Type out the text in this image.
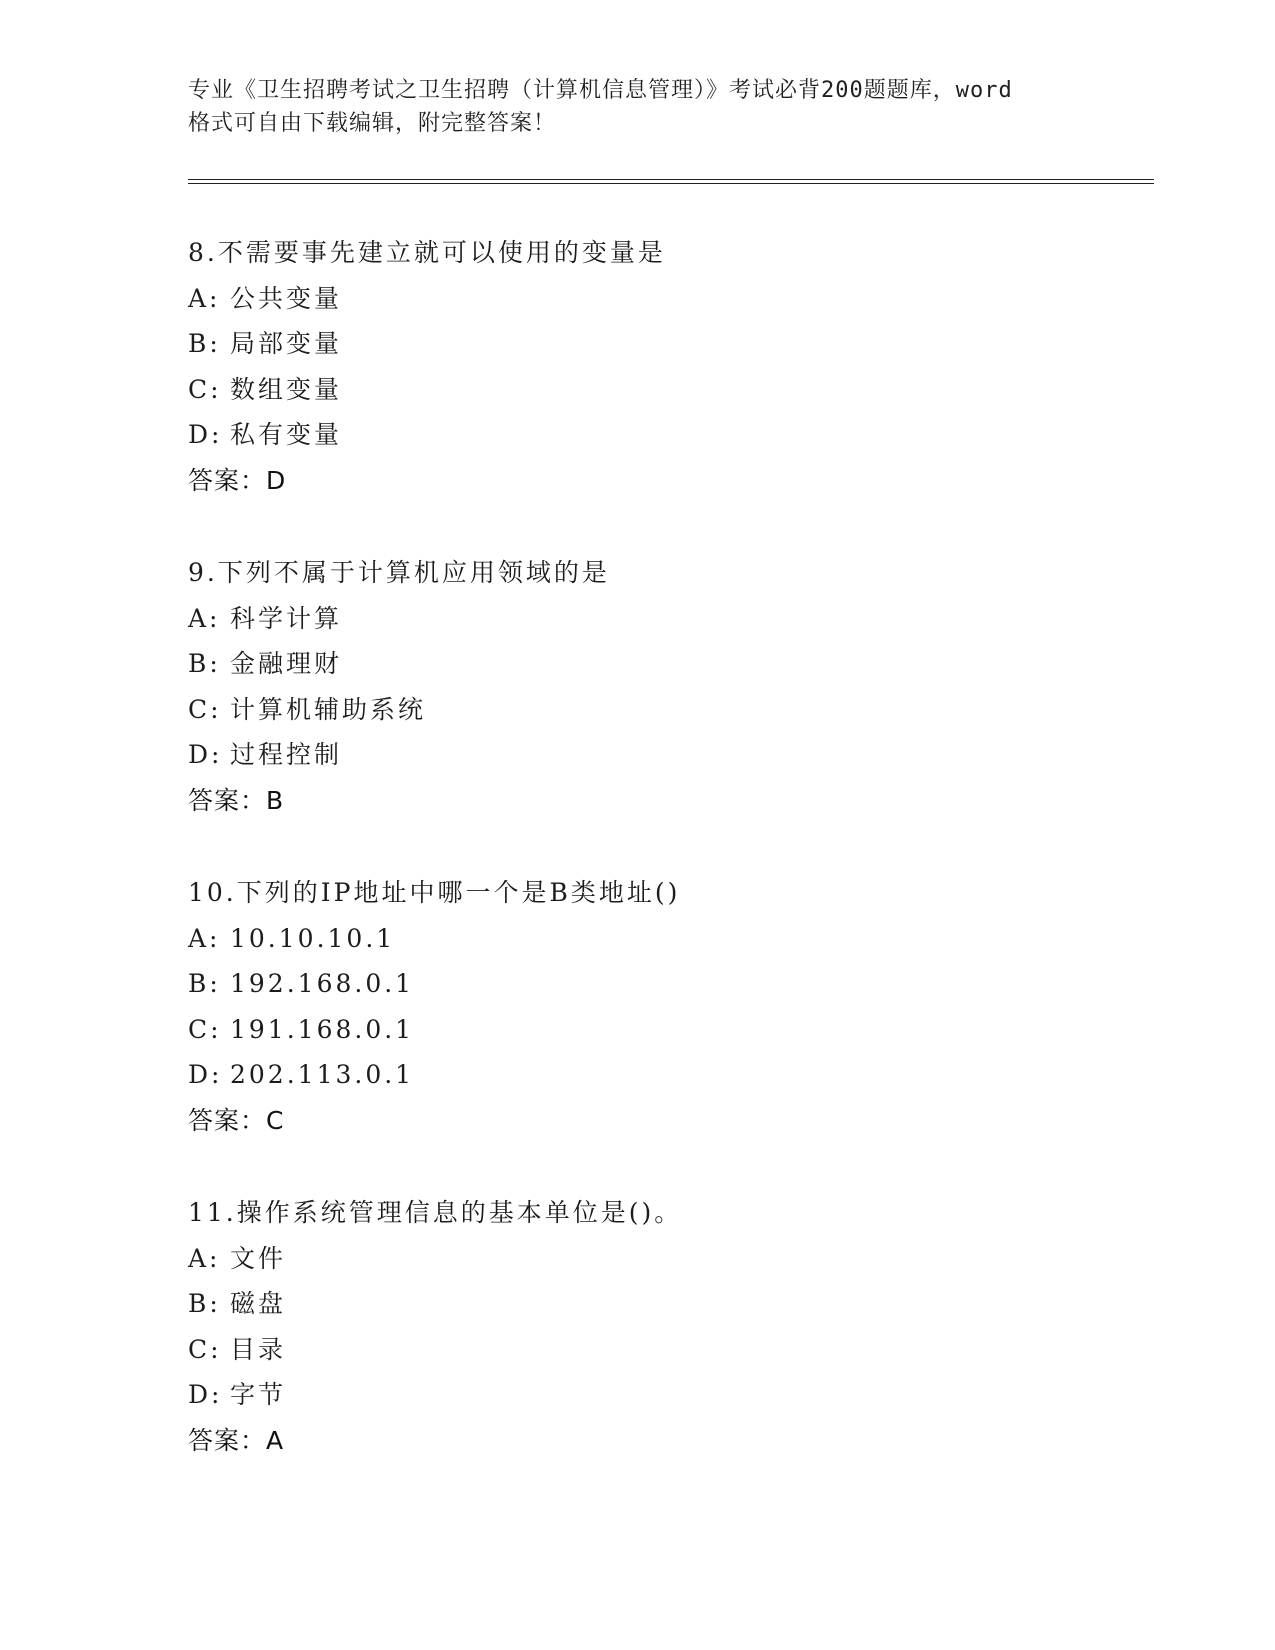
专业《卫生招聘考试之卫生招聘（计算机信息管理）》考试必背200题题库，word
格式可自由下载编辑，附完整答案！
8.不需要事先建立就可以使用的变量是
A: 公共变量
B: 局部变量
C: 数组变量
D: 私有变量
答案：D
9.下列不属于计算机应用领域的是
A: 科学计算
B: 金融理财
C: 计算机辅助系统
D: 过程控制
答案：B
10.下列的IP地址中哪一个是B类地址()
A: 10.10.10.1
B: 192.168.0.1
C: 191.168.0.1
D: 202.113.0.1
答案：C
11.操作系统管理信息的基本单位是()。
A: 文件
B: 磁盘
C: 目录
D: 字节
答案：A
